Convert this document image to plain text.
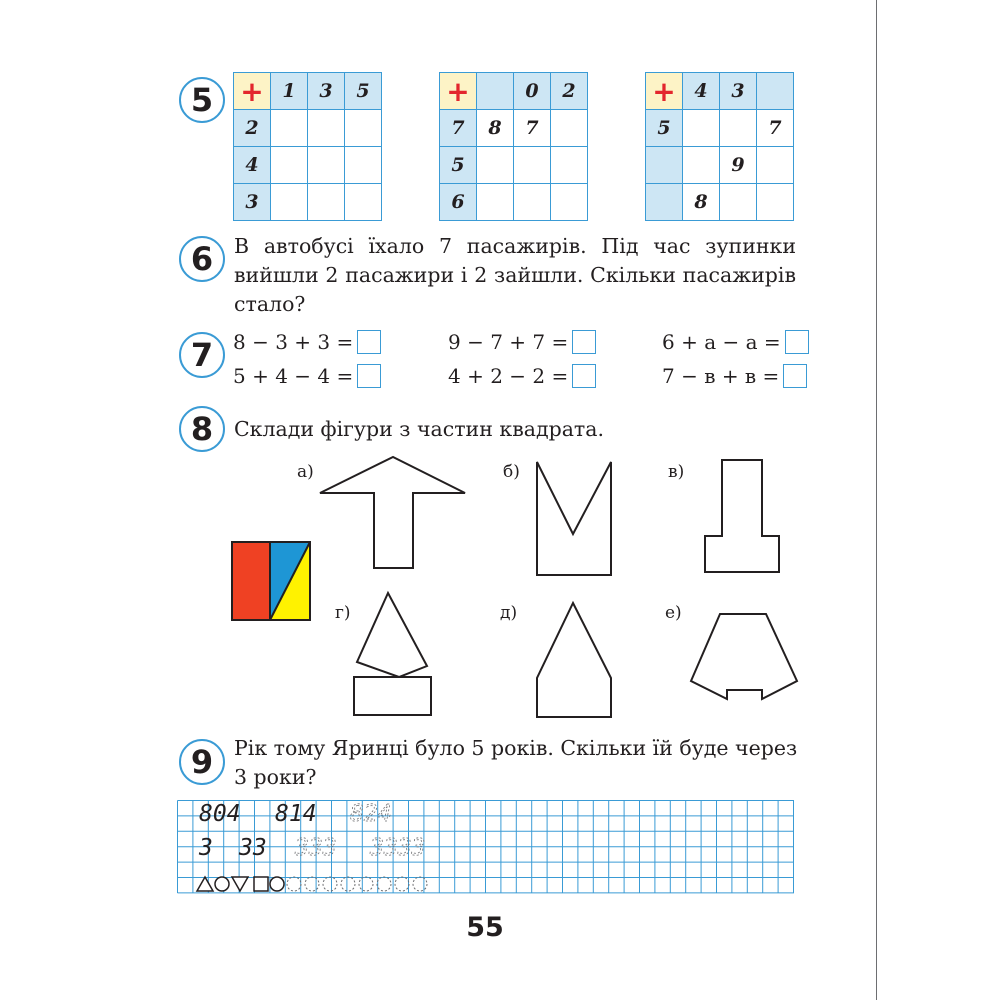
5 +	1	3	5
2			
4			
3			
+		0	2
7	8	7	
5			
6			
+	4	3	
5			7
		9	
	8		
6	В автобусі їхало 7 пасажирів. Під час зупинки
вийшли 2 пасажири і 2 зайшли. Скільки пасажирів
стало?
7 8 − 3 + 3 =	9 − 7 + 7 =	6 + а − а =
5 + 4 − 4 =	4 + 2 − 2 =	7 − в + в =
8	Склади фігури з частин квадрата.
а)	б)	в)
г)	д)	е)
9	Рік тому Яринці було 5 років. Скільки їй буде через
3 роки?
804 814 824
3 33 333 3333
55
